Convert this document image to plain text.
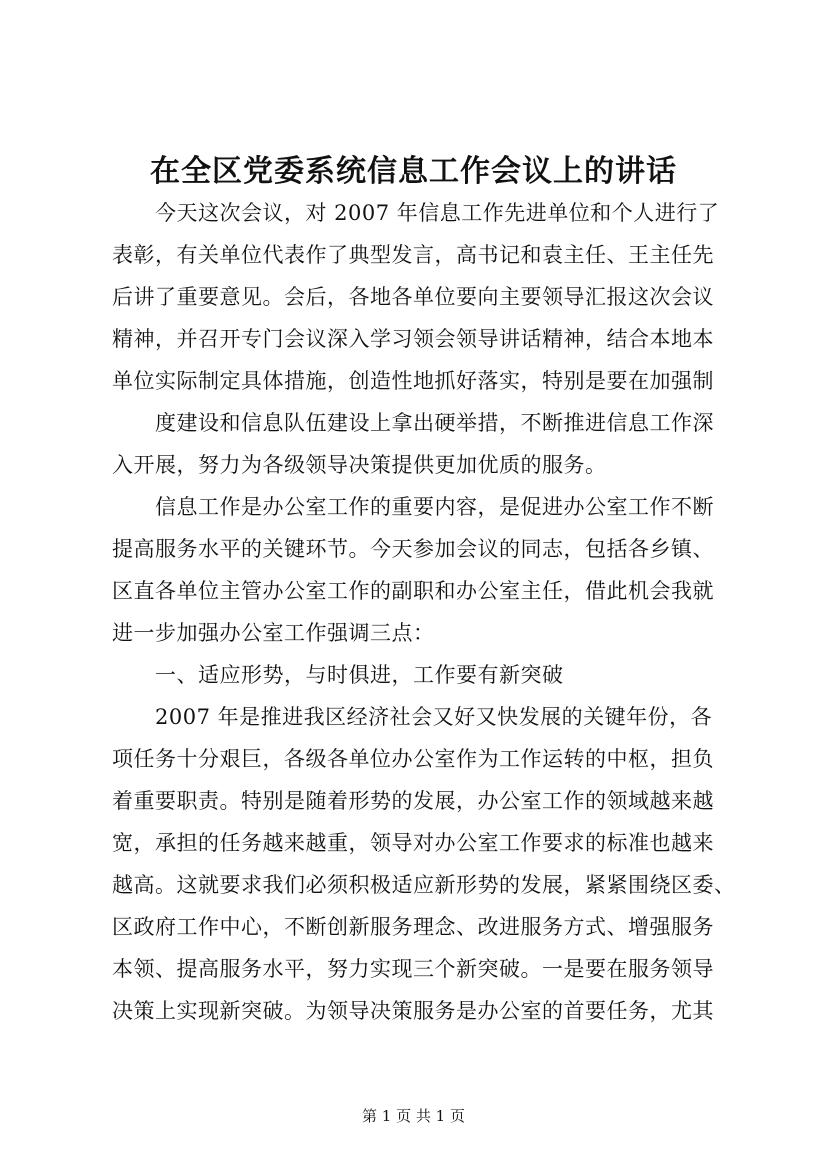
在全区党委系统信息工作会议上的讲话
今天这次会议，对 2007 年信息工作先进单位和个人进行了
表彰，有关单位代表作了典型发言，高书记和袁主任、王主任先
后讲了重要意见。会后，各地各单位要向主要领导汇报这次会议
精神，并召开专门会议深入学习领会领导讲话精神，结合本地本
单位实际制定具体措施，创造性地抓好落实，特别是要在加强制
度建设和信息队伍建设上拿出硬举措，不断推进信息工作深
入开展，努力为各级领导决策提供更加优质的服务。
信息工作是办公室工作的重要内容，是促进办公室工作不断
提高服务水平的关键环节。今天参加会议的同志，包括各乡镇、
区直各单位主管办公室工作的副职和办公室主任，借此机会我就
进一步加强办公室工作强调三点：
一、适应形势，与时俱进，工作要有新突破
2007 年是推进我区经济社会又好又快发展的关键年份，各
项任务十分艰巨，各级各单位办公室作为工作运转的中枢，担负
着重要职责。特别是随着形势的发展，办公室工作的领域越来越
宽，承担的任务越来越重，领导对办公室工作要求的标准也越来
越高。这就要求我们必须积极适应新形势的发展，紧紧围绕区委、
区政府工作中心，不断创新服务理念、改进服务方式、增强服务
本领、提高服务水平，努力实现三个新突破。一是要在服务领导
决策上实现新突破。为领导决策服务是办公室的首要任务，尤其
第 1 页 共 1 页
